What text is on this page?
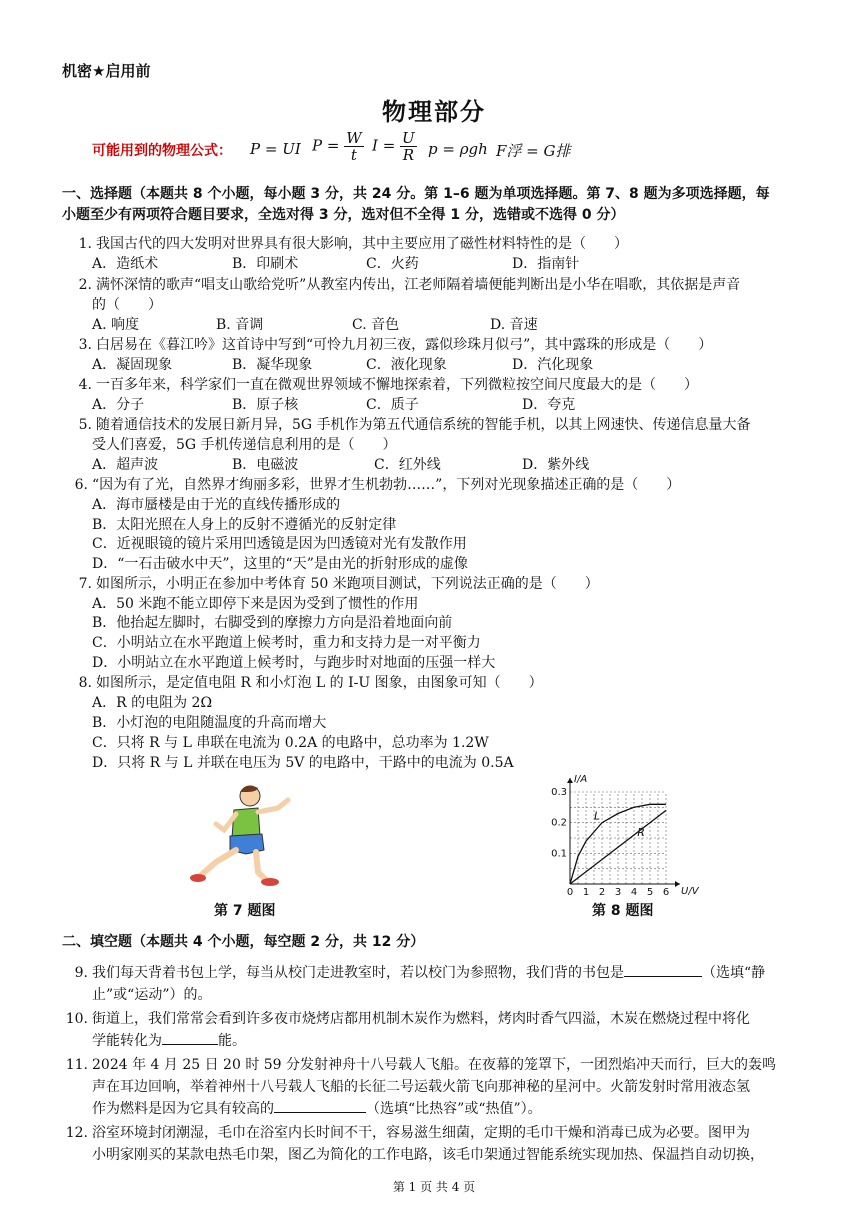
机密★启用前
物理部分
可能用到的物理公式： P = UI $P = \frac{W}{t}$ $I = \frac{U}{R}$ p = ρgh F浮 = G排
一、选择题（本题共 8 个小题，每小题 3 分，共 24 分。第 1–6 题为单项选择题。第 7、8 题为多项选择题，每
小题至少有两项符合题目要求，全选对得 3 分，选对但不全得 1 分，选错或不选得 0 分）
1. 我国古代的四大发明对世界具有很大影响，其中主要应用了磁性材料特性的是（　　）
A．造纸术	B．印刷术	C．火药	D．指南针
2. 满怀深情的歌声“唱支山歌给党听”从教室内传出，江老师隔着墙便能判断出是小华在唱歌，其依据是声音
的（　　）
A. 响度	B. 音调	C. 音色	D. 音速
3. 白居易在《暮江吟》这首诗中写到“可怜九月初三夜，露似珍珠月似弓”，其中露珠的形成是（　　）
A．凝固现象	B．凝华现象	C．液化现象	D．汽化现象
4. 一百多年来，科学家们一直在微观世界领域不懈地探索着，下列微粒按空间尺度最大的是（　　）
A．分子	B．原子核	C．质子	D．夸克
5. 随着通信技术的发展日新月异，5G 手机作为第五代通信系统的智能手机，以其上网速快、传递信息量大备
受人们喜爱，5G 手机传递信息利用的是（　　）
A．超声波	B．电磁波	C．红外线	D．紫外线
6. “因为有了光，自然界才绚丽多彩，世界才生机勃勃……”，下列对光现象描述正确的是（　　）
A．海市蜃楼是由于光的直线传播形成的
B．太阳光照在人身上的反射不遵循光的反射定律
C．近视眼镜的镜片采用凹透镜是因为凹透镜对光有发散作用
D．“一石击破水中天”，这里的“天”是由光的折射形成的虚像
7. 如图所示，小明正在参加中考体育 50 米跑项目测试，下列说法正确的是（　　）
A．50 米跑不能立即停下来是因为受到了惯性的作用
B．他抬起左脚时，右脚受到的摩擦力方向是沿着地面向前
C．小明站立在水平跑道上候考时，重力和支持力是一对平衡力
D．小明站立在水平跑道上候考时，与跑步时对地面的压强一样大
8. 如图所示，是定值电阻 R 和小灯泡 L 的 I-U 图象，由图象可知（　　）
A．R 的电阻为 2Ω
B．小灯泡的电阻随温度的升高而增大
C．只将 R 与 L 串联在电流为 0.2A 的电路中，总功率为 1.2W
D．只将 R 与 L 并联在电压为 5V 的电路中，干路中的电流为 0.5A
第 7 题图
0 1 2 3 4 5 6
0.1
0.2
0.3
U/V
I/A
L
R
第 8 题图
二、填空题（本题共 4 个小题，每空题 2 分，共 12 分）
9. 我们每天背着书包上学，每当从校门走进教室时，若以校门为参照物，我们背的书包是	（选填“静
止”或“运动”）的。
10. 街道上，我们常常会看到许多夜市烧烤店都用机制木炭作为燃料，烤肉时香气四溢，木炭在燃烧过程中将化
学能转化为	能。
11. 2024 年 4 月 25 日 20 时 59 分发射神舟十八号载人飞船。在夜幕的笼罩下，一团烈焰冲天而行，巨大的轰鸣
声在耳边回响，举着神州十八号载人飞船的长征二号运载火箭飞向那神秘的星河中。火箭发射时常用液态氢
作为燃料是因为它具有较高的	（选填“比热容”或“热值”）。
12. 浴室环境封闭潮湿，毛巾在浴室内长时间不干，容易滋生细菌，定期的毛巾干燥和消毒已成为必要。图甲为
小明家刚买的某款电热毛巾架，图乙为简化的工作电路，该毛巾架通过智能系统实现加热、保温挡自动切换，
第 1 页 共 4 页
